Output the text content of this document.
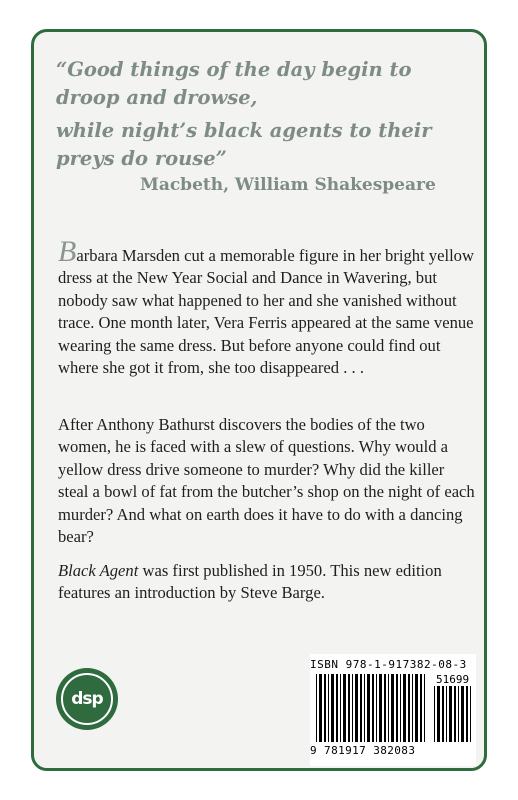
“Good things of the day begin to droop and drowse,

while night’s black agents to their preys do rouse”

Macbeth, William Shakespeare

Barbara Marsden cut a memorable figure in her bright yellow dress at the New Year Social and Dance in Wavering, but nobody saw what happened to her and she vanished without trace. One month later, Vera Ferris appeared at the same venue wearing the same dress. But before anyone could find out where she got it from, she too disappeared . . .

After Anthony Bathurst discovers the bodies of the two women, he is faced with a slew of questions. Why would a yellow dress drive someone to murder? Why did the killer steal a bowl of fat from the butcher’s shop on the night of each murder? And what on earth does it have to do with a dancing bear?

Black Agent was first published in 1950. This new edition features an introduction by Steve Barge.

dsp
ISBN 978-1-917382-08-3
51699
9 781917 382083
